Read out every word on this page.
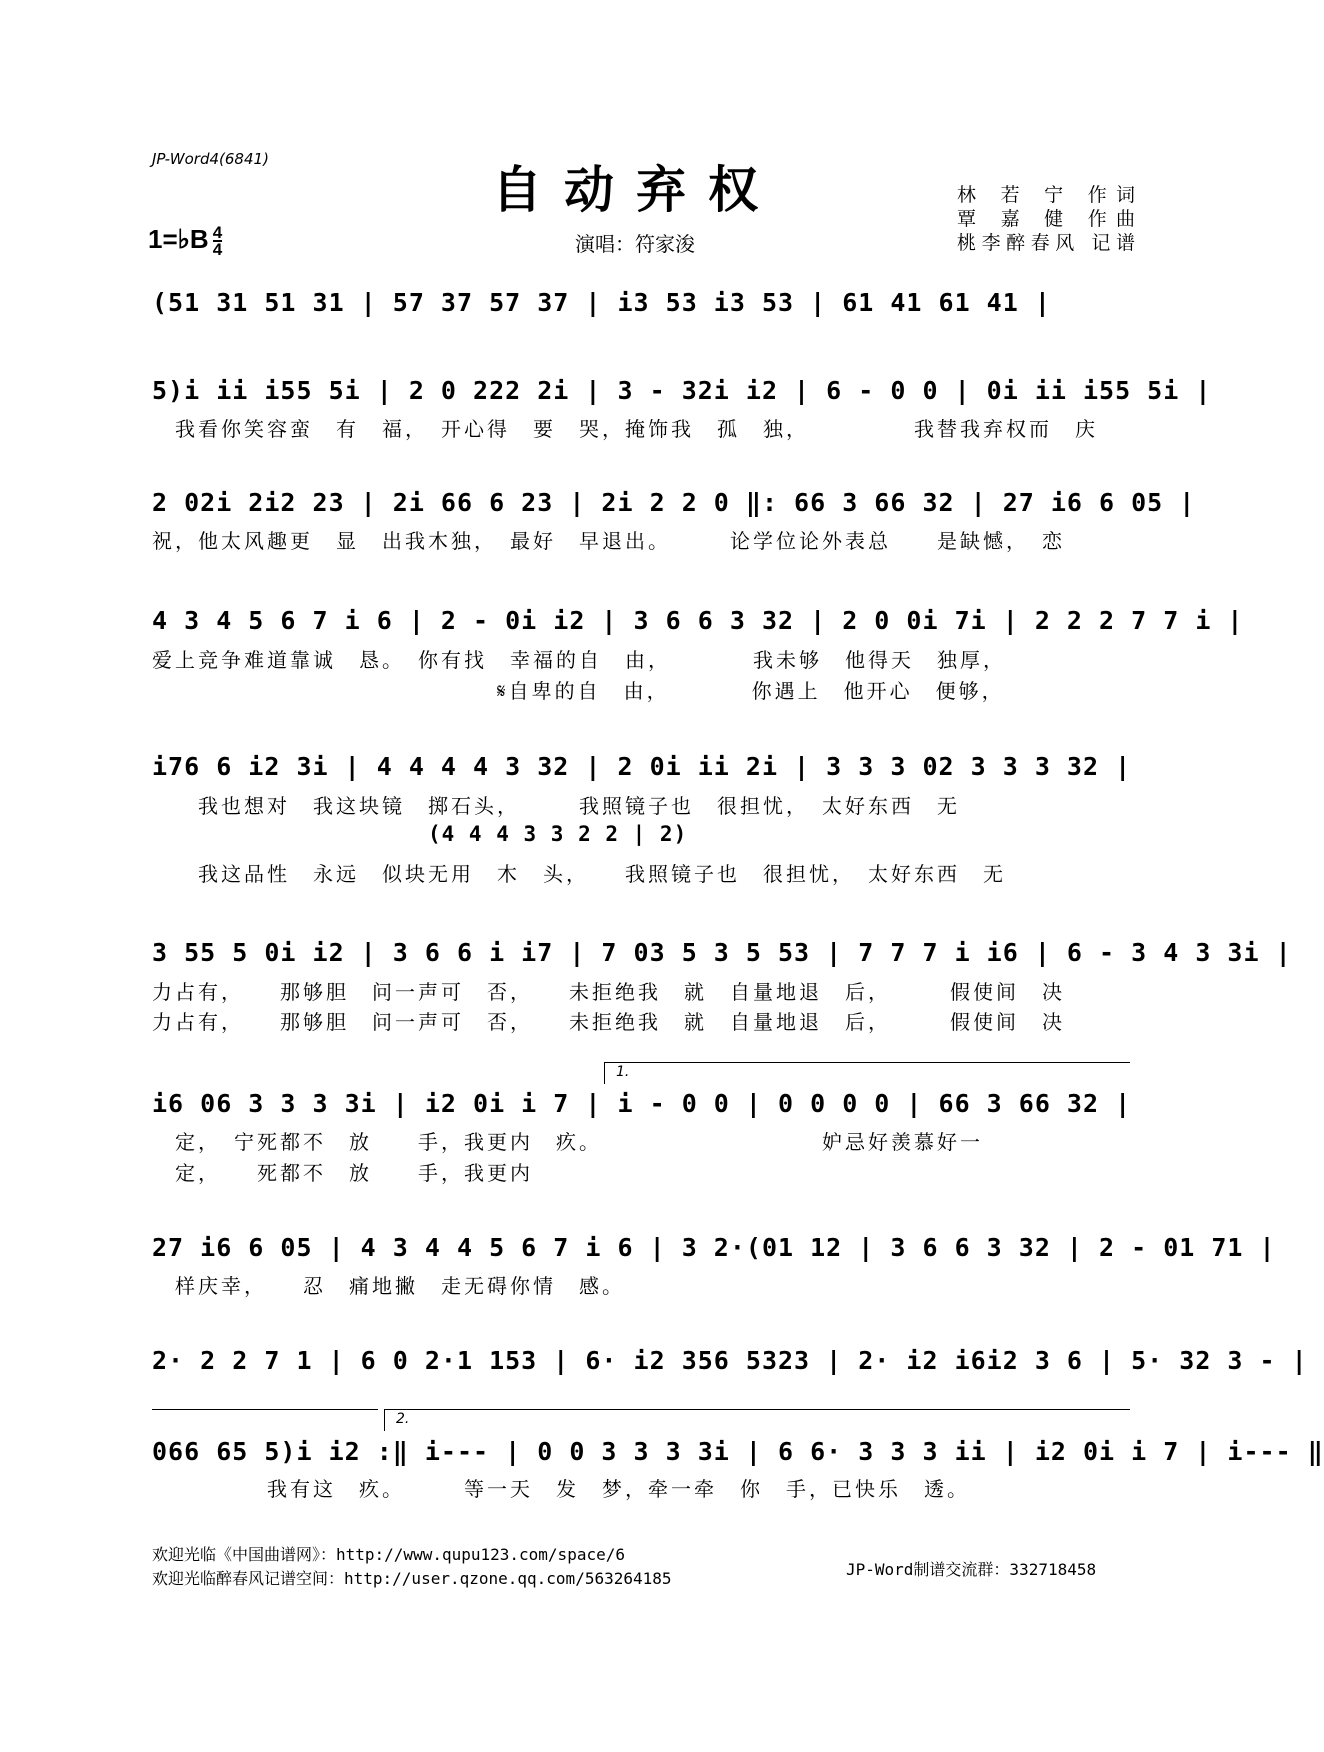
JP-Word4(6841)
自动弃权
1=♭B $\frac{4}{4}$	演唱：符家浚
林 若 宁 作词
覃 嘉 健 作曲
桃李醉春风 记谱
(51 31 51 31 | 57 37 57 37 | i3 53 i3 53 | 61 41 61 41 |
5)i ii i55 5i | 2 0 222 2i | 3 - 32i i2 | 6 - 0 0 | 0i ii i55 5i |
　我看你笑容蛮　有　福，　开心得　要　哭，掩饰我　孤　独，　　　　　我替我弃权而　庆
2 02i 2i2 23 | 2i 66 6 23 | 2i 2 2 0 ‖: 66 3 66 32 | 27 i6 6 05 |
祝，他太风趣更　显　出我木独，　最好　早退出。　　　论学位论外表总　　是缺憾，　恋
4 3 4 5 6 7 i 6 | 2 - 0i i2 | 3 6 6 3 32 | 2 0 0i 7i | 2 2 2 7 7 i |
爱上竞争难道靠诚　恳。　你有找　幸福的自　由，　　　　我未够　他得天　独厚，
　　　　　　　　　　　　　　　𝄋自卑的自　由，　　　　你遇上　他开心　便够，
i76 6 i2 3i | 4 4 4 4 3 32 | 2 0i ii 2i | 3 3 3 02 3 3 3 32 |
　　我也想对　我这块镜　掷石头，　　　我照镜子也　很担忧，　太好东西　无
(4 4 4 3 3 2 2 | 2)
　　我这品性　永远　似块无用　木　头，　　我照镜子也　很担忧，　太好东西　无
3 55 5 0i i2 | 3 6 6 i i7 | 7 03 5 3 5 53 | 7 7 7 i i6 | 6 - 3 4 3 3i |
力占有，　　那够胆　问一声可　否，　　未拒绝我　就　自量地退　后，　　　假使间　决
力占有，　　那够胆　问一声可　否，　　未拒绝我　就　自量地退　后，　　　假使间　决
1.
i6 06 3 3 3 3i | i2 0i i 7 | i - 0 0 | 0 0 0 0 | 66 3 66 32 |
　定，　宁死都不　放　　手，我更内　疚。　　　　　　　　　　妒忌好羡慕好一
　定，　　死都不　放　　手，我更内
27 i6 6 05 | 4 3 4 4 5 6 7 i 6 | 3 2·(01 12 | 3 6 6 3 32 | 2 - 01 71 |
　样庆幸，　　忍　痛地撇　走无碍你情　感。
2· 2 2 7 1 | 6 0 2·1 153 | 6· i2 356 5323 | 2· i2 i6i2 3 6 | 5· 32 3 - |
2.
066 65 5)i i2 :‖ i--- | 0 0 3 3 3 3i | 6 6· 3 3 3 ii | i2 0i i 7 | i--- ‖
　　　　　我有这　疚。　　　等一天　发　梦，牵一牵　你　手，已快乐　透。
欢迎光临《中国曲谱网》：http://www.qupu123.com/space/6
欢迎光临醉春风记谱空间：http://user.qzone.qq.com/563264185	JP-Word制谱交流群：332718458
